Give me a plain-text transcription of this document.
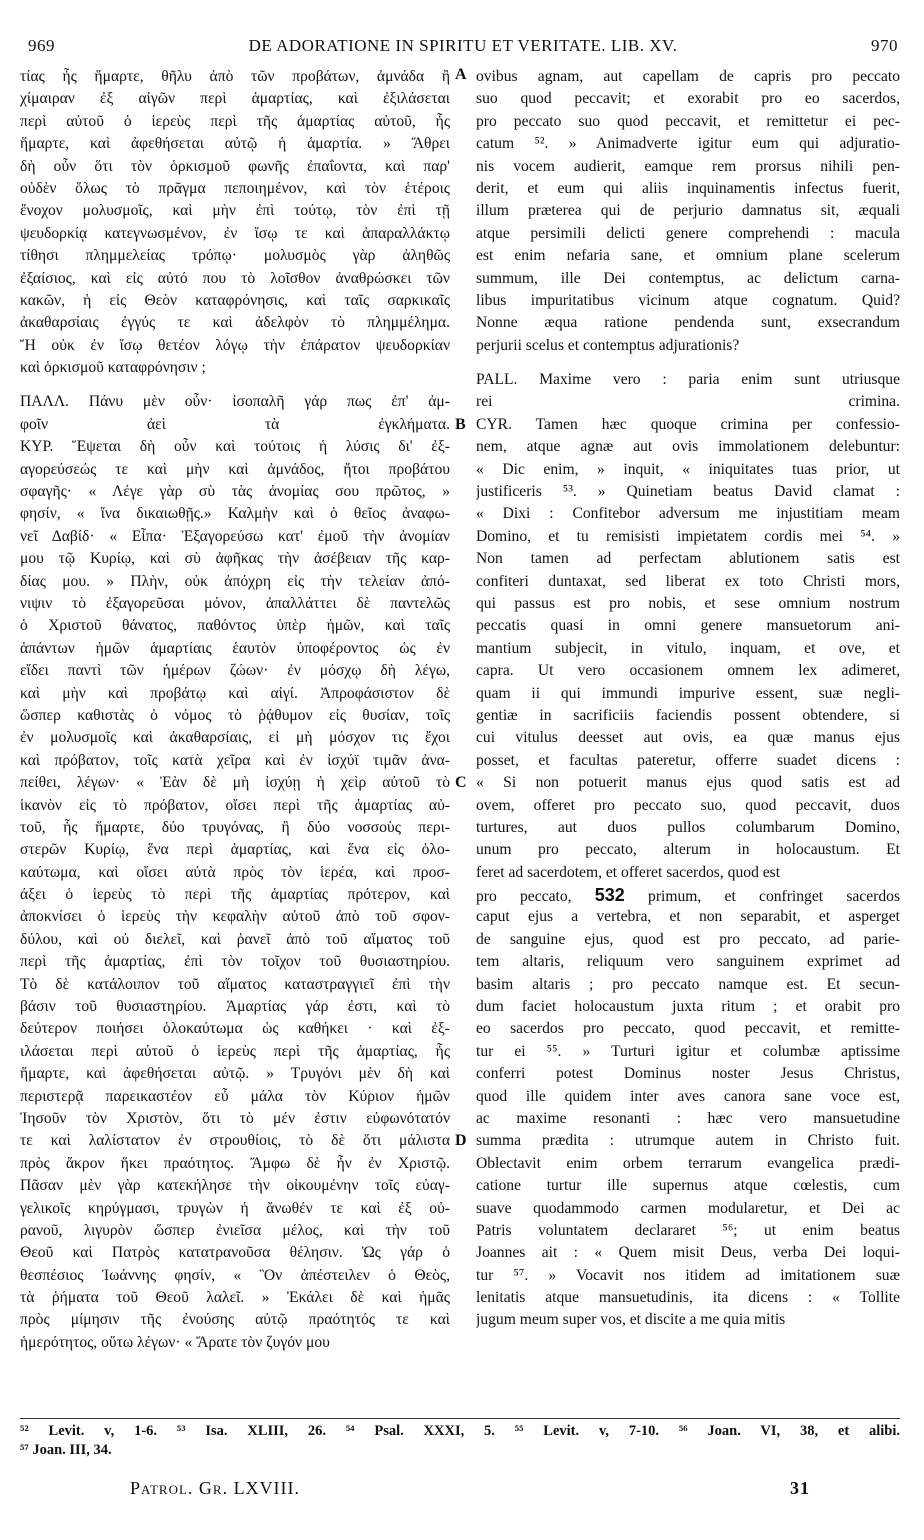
969	DE ADORATIONE IN SPIRITU ET VERITATE. LIB. XV.	970
τίας ἧς ἥμαρτε, θῆλυ ἀπὸ τῶν προβάτων, ἀμνάδα ἢ
χίμαιραν ἐξ αἰγῶν περὶ ἁμαρτίας, καὶ ἐξιλάσεται
περὶ αὐτοῦ ὁ ἱερεὺς περὶ τῆς ἁμαρτίας αὐτοῦ, ἧς
ἥμαρτε, καὶ ἀφεθήσεται αὐτῷ ἡ ἁμαρτία. » Ἄθρει
δὴ οὖν ὅτι τὸν ὁρκισμοῦ φωνῆς ἐπαΐοντα, καὶ παρ'
οὐδὲν ὅλως τὸ πρᾶγμα πεποιημένον, καὶ τὸν ἑτέροις
ἔνοχον μολυσμοῖς, καὶ μὴν ἐπὶ τούτῳ, τὸν ἐπὶ τῇ
ψευδορκίᾳ κατεγνωσμένον, ἐν ἴσῳ τε καὶ ἀπαραλλάκτῳ
τίθησι πλημμελείας τρόπῳ· μολυσμὸς γὰρ ἀληθῶς
ἐξαίσιος, καὶ εἰς αὐτό που τὸ λοῖσθον ἀναθρώσκει τῶν
κακῶν, ἡ εἰς Θεὸν καταφρόνησις, καὶ ταῖς σαρκικαῖς
ἀκαθαρσίαις ἐγγύς τε καὶ ἀδελφὸν τὸ πλημμέλημα.
Ἤ οὐκ ἐν ἴσῳ θετέον λόγῳ τὴν ἐπάρατον ψευδορκίαν
καὶ ὁρκισμοῦ καταφρόνησιν ;
ΠΑΛΛ. Πάνυ μὲν οὖν· ἰσοπαλῆ γάρ πως ἐπ' ἀμ-
φοῖν ἀεὶ τὰ ἐγκλήματα.
ΚΥΡ. Ἕψεται δὴ οὖν καὶ τούτοις ἡ λύσις δι' ἐξ-
αγορεύσεώς τε καὶ μὴν καὶ ἀμνάδος, ἤτοι προβάτου
σφαγῆς· « Λέγε γὰρ σὺ τὰς ἀνομίας σου πρῶτος, »
φησίν, « ἵνα δικαιωθῇς.» Καλμὴν καὶ ὁ θεῖος ἀναφω-
νεῖ Δαβίδ· « Εἶπα· Ἐξαγορεύσω κατ' ἐμοῦ τὴν ἀνομίαν
μου τῷ Κυρίῳ, καὶ σὺ ἀφῆκας τὴν ἀσέβειαν τῆς καρ-
δίας μου. » Πλὴν, οὐκ ἀπόχρη εἰς τὴν τελείαν ἀπό-
νιψιν τὸ ἐξαγορεῦσαι μόνον, ἀπαλλάττει δὲ παντελῶς
ὁ Χριστοῦ θάνατος, παθόντος ὑπὲρ ἡμῶν, καὶ ταῖς
ἁπάντων ἡμῶν ἁμαρτίαις ἑαυτὸν ὑποφέροντος ὡς ἐν
εἴδει παντὶ τῶν ἡμέρων ζώων· ἐν μόσχῳ δὴ λέγω,
καὶ μὴν καὶ προβάτῳ καὶ αἰγί. Ἀπροφάσιστον δὲ
ὥσπερ καθιστὰς ὁ νόμος τὸ ῥᾴθυμον εἰς θυσίαν, τοῖς
ἐν μολυσμοῖς καὶ ἀκαθαρσίαις, εἰ μὴ μόσχον τις ἔχοι
καὶ πρόβατον, τοῖς κατὰ χεῖρα καὶ ἐν ἰσχύϊ τιμᾶν ἀνα-
πείθει, λέγων· « Ἐὰν δὲ μὴ ἰσχύῃ ἡ χεὶρ αὐτοῦ τὸ
ἱκανὸν εἰς τὸ πρόβατον, οἴσει περὶ τῆς ἁμαρτίας αὐ-
τοῦ, ἧς ἥμαρτε, δύο τρυγόνας, ἢ δύο νοσσοὺς περι-
στερῶν Κυρίῳ, ἕνα περὶ ἁμαρτίας, καὶ ἕνα εἰς ὁλο-
καύτωμα, καὶ οἴσει αὐτὰ πρὸς τὸν ἱερέα, καὶ προσ-
άξει ὁ ἱερεὺς τὸ περὶ τῆς ἁμαρτίας πρότερον, καὶ
ἀποκνίσει ὁ ἱερεὺς τὴν κεφαλὴν αὐτοῦ ἀπὸ τοῦ σφον-
δύλου, καὶ οὐ διελεῖ, καὶ ῥανεῖ ἀπὸ τοῦ αἵματος τοῦ
περὶ τῆς ἁμαρτίας, ἐπὶ τὸν τοῖχον τοῦ θυσιαστηρίου.
Τὸ δὲ κατάλοιπον τοῦ αἵματος καταστραγγιεῖ ἐπὶ τὴν
βάσιν τοῦ θυσιαστηρίου. Ἁμαρτίας γάρ ἐστι, καὶ τὸ
δεύτερον ποιήσει ὁλοκαύτωμα ὡς καθήκει · καὶ ἐξ-
ιλάσεται περὶ αὐτοῦ ὁ ἱερεὺς περὶ τῆς ἁμαρτίας, ἧς
ἥμαρτε, καὶ ἀφεθήσεται αὐτῷ. » Τρυγόνι μὲν δὴ καὶ
περιστερᾷ παρεικαστέον εὖ μάλα τὸν Κύριον ἡμῶν
Ἰησοῦν τὸν Χριστὸν, ὅτι τὸ μέν ἐστιν εὐφωνότατόν
τε καὶ λαλίστατον ἐν στρουθίοις, τὸ δὲ ὅτι μάλιστα
πρὸς ἄκρον ἥκει πραότητος. Ἄμφω δὲ ἦν ἐν Χριστῷ.
Πᾶσαν μὲν γὰρ κατεκήλησε τὴν οἰκουμένην τοῖς εὐαγ-
γελικοῖς κηρύγμασι, τρυγὼν ἡ ἄνωθέν τε καὶ ἐξ οὐ-
ρανοῦ, λιγυρὸν ὥσπερ ἐνιεῖσα μέλος, καὶ τὴν τοῦ
Θεοῦ καὶ Πατρὸς κατατρανοῦσα θέλησιν. Ὡς γάρ ὁ
θεσπέσιος Ἰωάννης φησίν, « Ὃν ἀπέστειλεν ὁ Θεὸς,
τὰ ῥήματα τοῦ Θεοῦ λαλεῖ. » Ἐκάλει δὲ καὶ ἡμᾶς
πρὸς μίμησιν τῆς ἐνούσης αὐτῷ πραότητός τε καὶ
ἡμερότητος, οὕτω λέγων· « Ἄρατε τὸν ζυγόν μου
A
B
C
D
ovibus agnam, aut capellam de capris pro peccato
suo quod peccavit; et exorabit pro eo sacerdos,
pro peccato suo quod peccavit, et remittetur ei pec-
catum ⁵². » Animadverte igitur eum qui adjuratio-
nis vocem audierit, eamque rem prorsus nihili pen-
derit, et eum qui aliis inquinamentis infectus fuerit,
illum præterea qui de perjurio damnatus sit, æquali
atque persimili delicti genere comprehendi : macula
est enim nefaria sane, et omnium plane scelerum
summum, ille Dei contemptus, ac delictum carna-
libus impuritatibus vicinum atque cognatum. Quid?
Nonne æqua ratione pendenda sunt, exsecrandum
perjurii scelus et contemptus adjurationis?
PALL. Maxime vero : paria enim sunt utriusque
rei crimina.
CYR. Tamen hæc quoque crimina per confessio-
nem, atque agnæ aut ovis immolationem delebuntur:
« Dic enim, » inquit, « iniquitates tuas prior, ut
justificeris ⁵³. » Quinetiam beatus David clamat :
« Dixi : Confitebor adversum me injustitiam meam
Domino, et tu remisisti impietatem cordis mei ⁵⁴. »
Non tamen ad perfectam ablutionem satis est
confiteri duntaxat, sed liberat ex toto Christi mors,
qui passus est pro nobis, et sese omnium nostrum
peccatis quasi in omni genere mansuetorum ani-
mantium subjecit, in vitulo, inquam, et ove, et
capra. Ut vero occasionem omnem lex adimeret,
quam ii qui immundi impurive essent, suæ negli-
gentiæ in sacrificiis faciendis possent obtendere, si
cui vitulus deesset aut ovis, ea quæ manus ejus
posset, et facultas pateretur, offerre suadet dicens :
« Si non potuerit manus ejus quod satis est ad
ovem, offeret pro peccato suo, quod peccavit, duos
turtures, aut duos pullos columbarum Domino,
unum pro peccato, alterum in holocaustum. Et
feret ad sacerdotem, et offeret sacerdos, quod est
pro peccato, 532 primum, et confringet sacerdos
caput ejus a vertebra, et non separabit, et asperget
de sanguine ejus, quod est pro peccato, ad parie-
tem altaris, reliquum vero sanguinem exprimet ad
basim altaris ; pro peccato namque est. Et secun-
dum faciet holocaustum juxta ritum ; et orabit pro
eo sacerdos pro peccato, quod peccavit, et remitte-
tur ei ⁵⁵. » Turturi igitur et columbæ aptissime
conferri potest Dominus noster Jesus Christus,
quod ille quidem inter aves canora sane voce est,
ac maxime resonanti : hæc vero mansuetudine
summa prædita : utrumque autem in Christo fuit.
Oblectavit enim orbem terrarum evangelica prædi-
catione turtur ille supernus atque cœlestis, cum
suave quodammodo carmen modularetur, et Dei ac
Patris voluntatem declararet ⁵⁶; ut enim beatus
Joannes ait : « Quem misit Deus, verba Dei loqui-
tur ⁵⁷. » Vocavit nos itidem ad imitationem suæ
lenitatis atque mansuetudinis, ita dicens : « Tollite
jugum meum super vos, et discite a me quia mitis
⁵² Levit. v, 1-6. ⁵³ Isa. XLIII, 26. ⁵⁴ Psal. XXXI, 5. ⁵⁵ Levit. v, 7-10. ⁵⁶ Joan. VI, 38, et alibi.
⁵⁷ Joan. III, 34.
Patrol. Gr. LXVIII.	31
